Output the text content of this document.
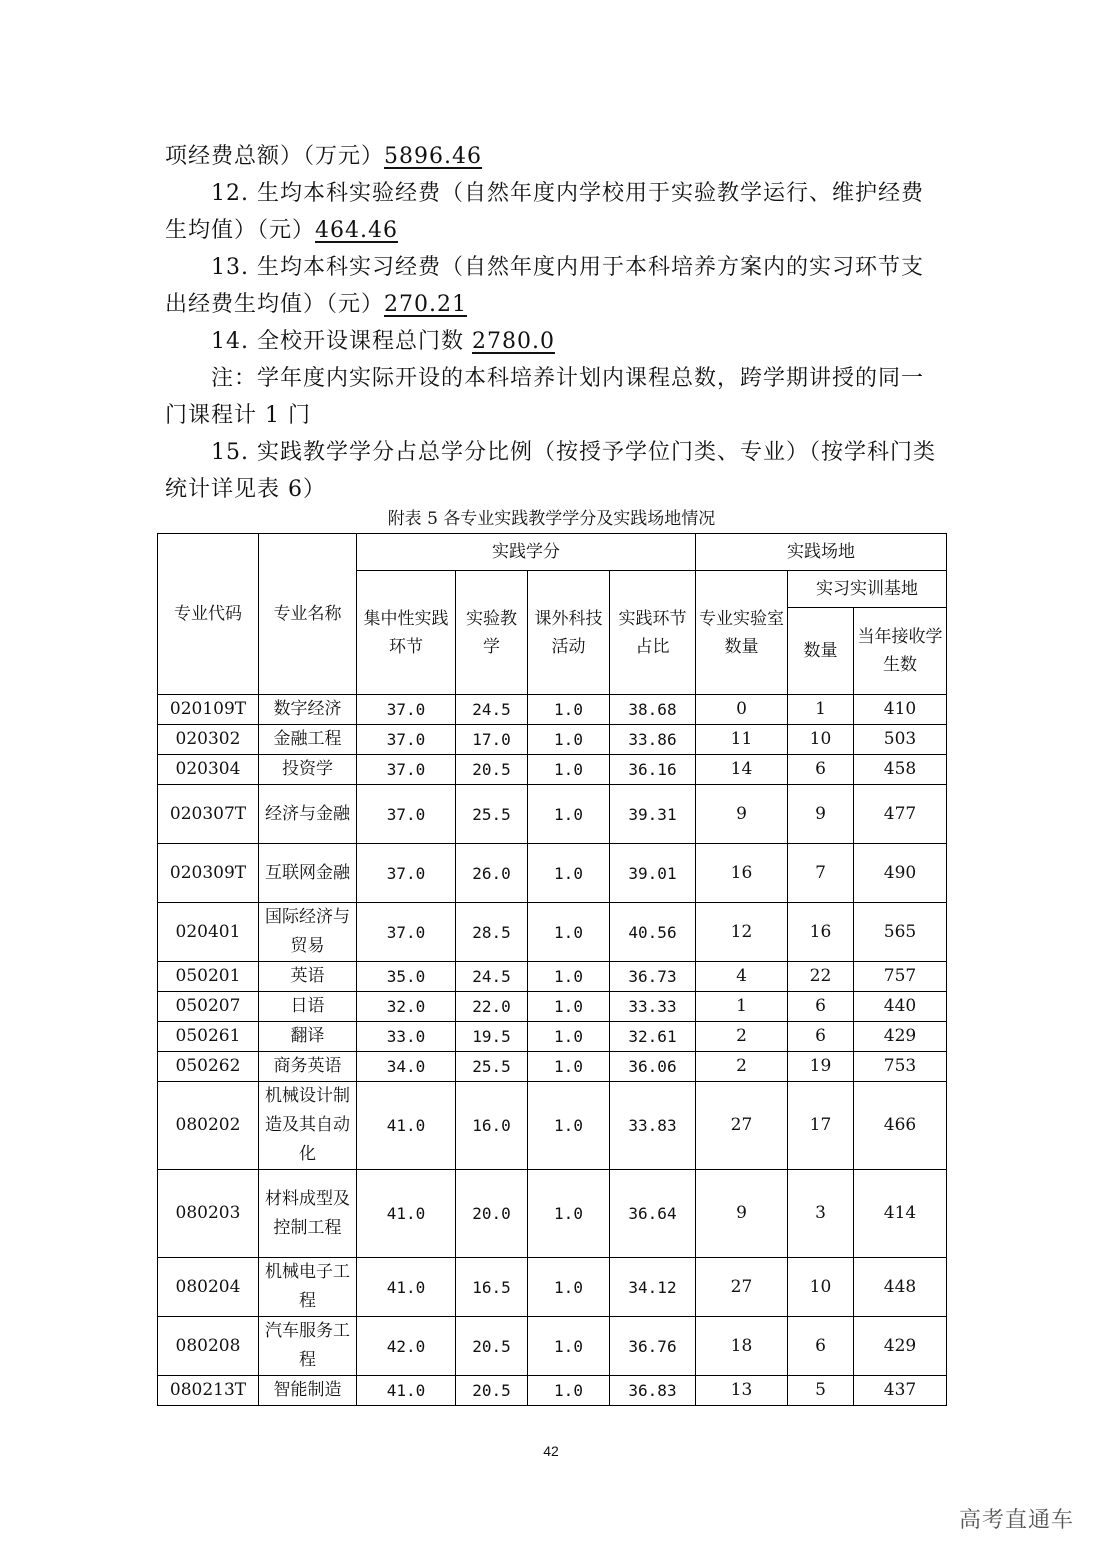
项经费总额）（万元）5896.46
12. 生均本科实验经费（自然年度内学校用于实验教学运行、维护经费生均值）（元）464.46
13. 生均本科实习经费（自然年度内用于本科培养方案内的实习环节支出经费生均值）（元）270.21
14. 全校开设课程总门数 2780.0
注：学年度内实际开设的本科培养计划内课程总数，跨学期讲授的同一门课程计 1 门
15. 实践教学学分占总学分比例（按授予学位门类、专业）（按学科门类统计详见表 6）
附表 5 各专业实践教学学分及实践场地情况
专业代码	专业名称	实践学分				实践场地		
		集中性实践环节	实验教学	课外科技活动	实践环节占比	专业实验室数量	实习实训基地	
							数量	当年接收学生数
020109T	数字经济	37.0	24.5	1.0	38.68	0	1	410
020302	金融工程	37.0	17.0	1.0	33.86	11	10	503
020304	投资学	37.0	20.5	1.0	36.16	14	6	458
020307T	经济与金融	37.0	25.5	1.0	39.31	9	9	477
020309T	互联网金融	37.0	26.0	1.0	39.01	16	7	490
020401	国际经济与贸易	37.0	28.5	1.0	40.56	12	16	565
050201	英语	35.0	24.5	1.0	36.73	4	22	757
050207	日语	32.0	22.0	1.0	33.33	1	6	440
050261	翻译	33.0	19.5	1.0	32.61	2	6	429
050262	商务英语	34.0	25.5	1.0	36.06	2	19	753
080202	机械设计制造及其自动化	41.0	16.0	1.0	33.83	27	17	466
080203	材料成型及控制工程	41.0	20.0	1.0	36.64	9	3	414
080204	机械电子工程	41.0	16.5	1.0	34.12	27	10	448
080208	汽车服务工程	42.0	20.5	1.0	36.76	18	6	429
080213T	智能制造	41.0	20.5	1.0	36.83	13	5	437
42
高考直通车
